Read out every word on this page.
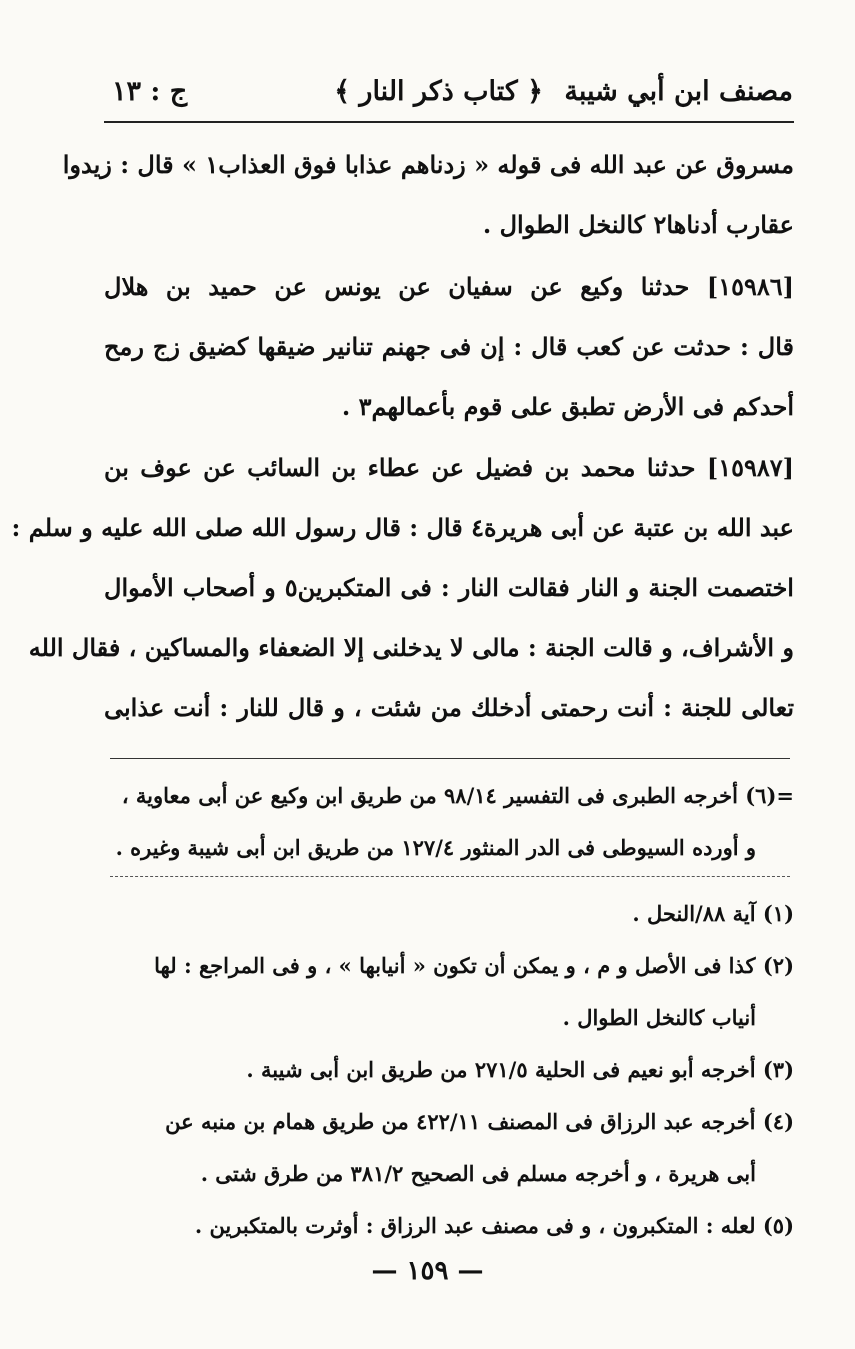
مصنف ابن أبي شيبة
﴿ كتاب ذكر النار ﴾
ج : ١٣
مسروق عن عبد الله فى قوله « زدناهم عذابا فوق العذاب١ » قال : زيدوا
عقارب أدناها٢ كالنخل الطوال .
[١٥٩٨٦] حدثنا وكيع عن سفيان عن يونس عن حميد بن هلال
قال : حدثت عن كعب قال : إن فى جهنم تنانير ضيقها كضيق زج رمح
أحدكم فى الأرض تطبق على قوم بأعمالهم٣ .
[١٥٩٨٧] حدثنا محمد بن فضيل عن عطاء بن السائب عن عوف بن
عبد الله بن عتبة عن أبى هريرة٤ قال : قال رسول الله صلى الله عليه و سلم :
اختصمت الجنة و النار فقالت النار : فى المتكبرين٥ و أصحاب الأموال
و الأشراف، و قالت الجنة : مالى لا يدخلنى إلا الضعفاء والمساكين ، فقال الله
تعالى للجنة : أنت رحمتى أدخلك من شئت ، و قال للنار : أنت عذابى
=(٦) أخرجه الطبرى فى التفسير ٩٨/١٤ من طريق ابن وكيع عن أبى معاوية ،
و أورده السيوطى فى الدر المنثور ١٢٧/٤ من طريق ابن أبى شيبة وغيره .
(١) آية ٨٨/النحل .
(٢) كذا فى الأصل و م ، و يمكن أن تكون « أنيابها » ، و فى المراجع : لها
أنياب كالنخل الطوال .
(٣) أخرجه أبو نعيم فى الحلية ٢٧١/٥ من طريق ابن أبى شيبة .
(٤) أخرجه عبد الرزاق فى المصنف ٤٢٢/١١ من طريق همام بن منبه عن
أبى هريرة ، و أخرجه مسلم فى الصحيح ٣٨١/٢ من طرق شتى .
(٥) لعله : المتكبرون ، و فى مصنف عبد الرزاق : أوثرت بالمتكبرين .
— ١٥٩ —
